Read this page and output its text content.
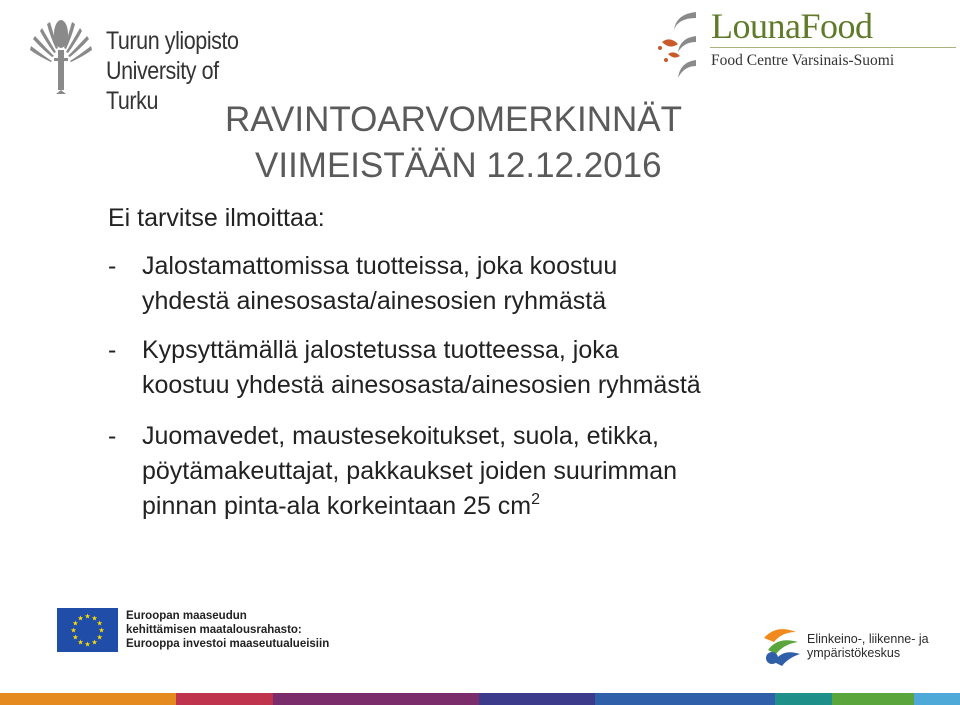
Turun yliopisto
University of Turku
LounaFood
Food Centre Varsinais-Suomi
RAVINTOARVOMERKINNÄT
VIIMEISTÄÄN 12.12.2016
Ei tarvitse ilmoittaa:
- Jalostamattomissa tuotteissa, joka koostuu
yhdestä ainesosasta/ainesosien ryhmästä
- Kypsyttämällä jalostetussa tuotteessa, joka
koostuu yhdestä ainesosasta/ainesosien ryhmästä
- Juomavedet, maustesekoitukset, suola, etikka,
pöytämakeuttajat, pakkaukset joiden suurimman
pinnan pinta-ala korkeintaan 25 $cm^2$
★ ★
★
★
★
★
★
★
★
★
★
★	Euroopan maaseudun
kehittämisen maatalousrahasto:
Eurooppa investoi maaseutualueisiin	Elinkeino-, liikenne- ja
ympäristökeskus
